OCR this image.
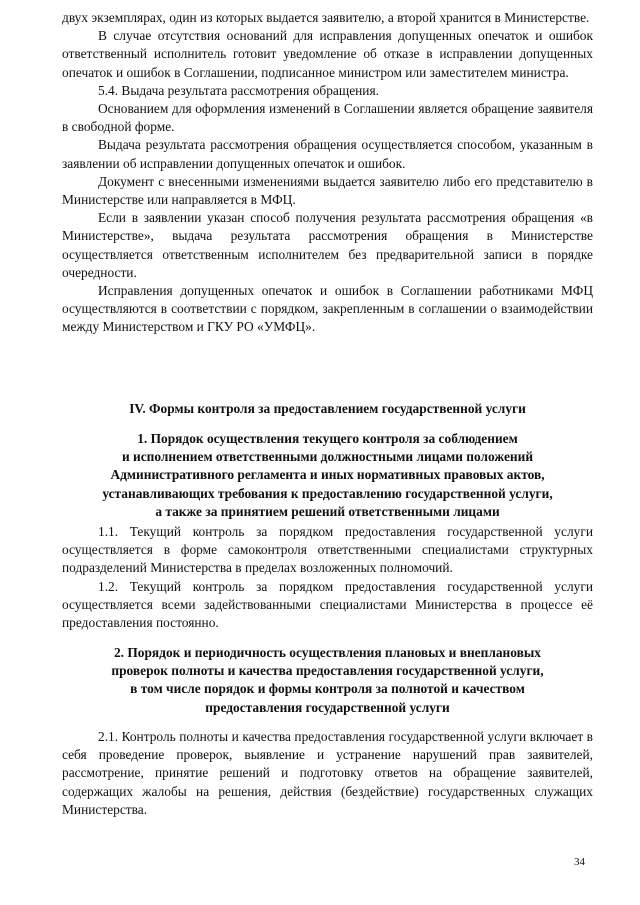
двух экземплярах, один из которых выдается заявителю, а второй хранится в Министерстве.

В случае отсутствия оснований для исправления допущенных опечаток и ошибок ответственный исполнитель готовит уведомление об отказе в исправлении допущенных опечаток и ошибок в Соглашении, подписанное министром или заместителем министра.

5.4. Выдача результата рассмотрения обращения.

Основанием для оформления изменений в Соглашении является обращение заявителя в свободной форме.

Выдача результата рассмотрения обращения осуществляется способом, указанным в заявлении об исправлении допущенных опечаток и ошибок.

Документ с внесенными изменениями выдается заявителю либо его представителю в Министерстве или направляется в МФЦ.

Если в заявлении указан способ получения результата рассмотрения обращения «в Министерстве», выдача результата рассмотрения обращения в Министерстве осуществляется ответственным исполнителем без предварительной записи в порядке очередности.

Исправления допущенных опечаток и ошибок в Соглашении работниками МФЦ осуществляются в соответствии с порядком, закрепленным в соглашении о взаимодействии между Министерством и ГКУ РО «УМФЦ».

IV. Формы контроля за предоставлением государственной услуги
1. Порядок осуществления текущего контроля за соблюдением
и исполнением ответственными должностными лицами положений
Административного регламента и иных нормативных правовых актов,
устанавливающих требования к предоставлению государственной услуги,
а также за принятием решений ответственными лицами

1.1. Текущий контроль за порядком предоставления государственной услуги осуществляется в форме самоконтроля ответственными специалистами структурных подразделений Министерства в пределах возложенных полномочий.

1.2. Текущий контроль за порядком предоставления государственной услуги осуществляется всеми задействованными специалистами Министерства в процессе её предоставления постоянно.

2. Порядок и периодичность осуществления плановых и внеплановых
проверок полноты и качества предоставления государственной услуги,
в том числе порядок и формы контроля за полнотой и качеством
предоставления государственной услуги

2.1. Контроль полноты и качества предоставления государственной услуги включает в себя проведение проверок, выявление и устранение нарушений прав заявителей, рассмотрение, принятие решений и подготовку ответов на обращение заявителей, содержащих жалобы на решения, действия (бездействие) государственных служащих Министерства.

34
